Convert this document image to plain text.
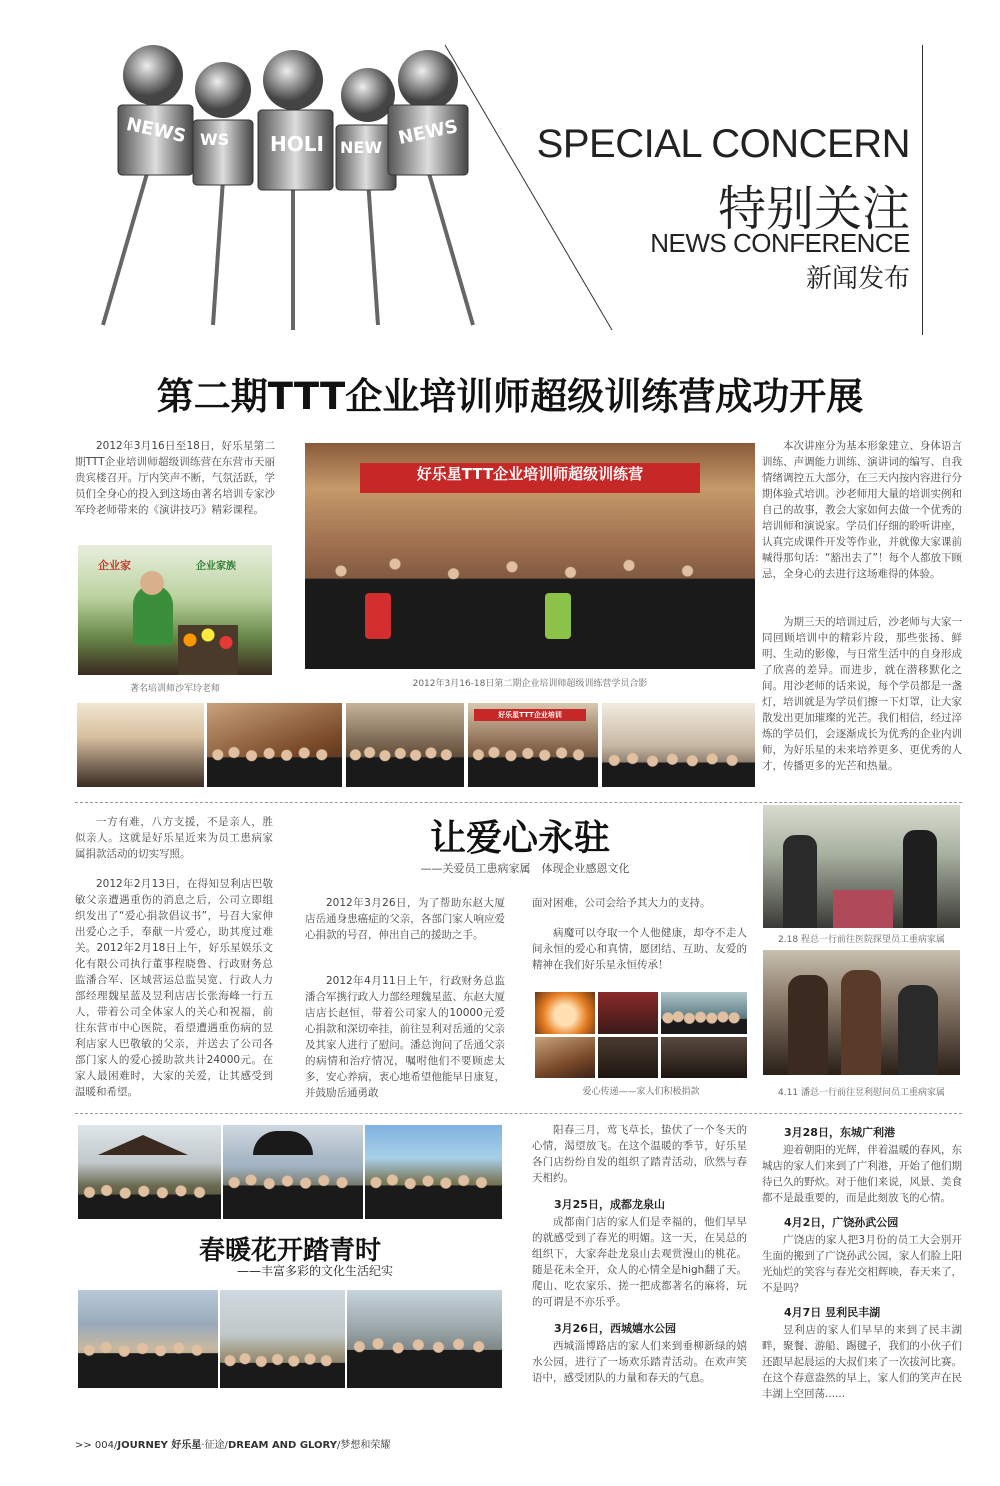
NEWS WS HOLI NEW NEWS SPECIAL CONCERN
特别关注
NEWS CONFERENCE
新闻发布
第二期TTT企业培训师超级训练营成功开展

2012年3月16日至18日，好乐星第二期TTT企业培训师超级训练营在东营市天丽贵宾楼召开。厅内笑声不断，气氛活跃，学员们全身心的投入到这场由著名培训专家沙军玲老师带来的《演讲技巧》精彩课程。

企业家	企业家族
著名培训师沙军玲老师
好乐星TTT企业培训师超级训练营
2012年3月16-18日第二期企业培训师超级训练营学员合影

本次讲座分为基本形象建立、身体语言训练、声调能力训练、演讲词的编写、自我情绪调控五大部分，在三天内按内容进行分期体验式培训。沙老师用大量的培训实例和自己的故事，教会大家如何去做一个优秀的培训师和演说家。学员们仔细的聆听讲座，认真完成课件开发等作业，并就像大家课前喊得那句话：“豁出去了”！每个人都放下顾忌，全身心的去进行这场难得的体验。

为期三天的培训过后，沙老师与大家一同回顾培训中的精彩片段，那些张扬、鲜明、生动的影像，与日常生活中的自身形成了欣喜的差异。而进步，就在潜移默化之间。用沙老师的话来说，每个学员都是一盏灯，培训就是为学员们擦一下灯罩，让大家散发出更加璀璨的光芒。我们相信，经过淬炼的学员们，会逐渐成长为优秀的企业内训师，为好乐星的未来培养更多、更优秀的人才，传播更多的光芒和热量。

好乐星TTT企业培训

一方有难，八方支援，不是亲人，胜似亲人。这就是好乐星近来为员工患病家属捐款活动的切实写照。

2012年2月13日，在得知昱利店巴敬敏父亲遭遇重伤的消息之后，公司立即组织发出了“爱心捐款倡议书”，号召大家伸出爱心之手，奉献一片爱心，助其度过难关。2012年2月18日上午，好乐星娱乐文化有限公司执行董事程晓鲁、行政财务总监潘合军、区域营运总监吴宽、行政人力部经理魏星蓝及昱利店店长张海峰一行五人，带着公司全体家人的关心和祝福，前往东营市中心医院，看望遭遇重伤病的昱利店家人巴敬敏的父亲，并送去了公司各部门家人的爱心援助款共计24000元。在家人最困难时，大家的关爱，让其感受到温暖和希望。

让爱心永驻
——关爱员工患病家属　体现企业感恩文化

2012年3月26日，为了帮助东赵大厦店岳通身患癌症的父亲，各部门家人响应爱心捐款的号召，伸出自己的援助之手。

2012年4月11日上午，行政财务总监潘合军携行政人力部经理魏星蓝、东赵大厦店店长赵恒，带着公司家人的10000元爱心捐款和深切牵挂，前往昱利对岳通的父亲及其家人进行了慰问。潘总询问了岳通父亲的病情和治疗情况，嘱咐他们不要顾虑太多，安心养病，衷心地希望他能早日康复，并鼓励岳通勇敢

面对困难，公司会给予其大力的支持。

病魔可以夺取一个人他健康，却夺不走人间永恒的爱心和真情，愿团结、互助、友爱的精神在我们好乐星永恒传承！

爱心传递——家人们积极捐款
2.18 程总一行前往医院探望员工重病家属
4.11 潘总一行前往昱利慰问员工重病家属
春暖花开踏青时
——丰富多彩的文化生活纪实

阳春三月，莺飞草长，蛰伏了一个冬天的心情，渴望放飞。在这个温暖的季节，好乐星各门店纷纷自发的组织了踏青活动，欣然与春天相约。

3月25日，成都龙泉山

成都南门店的家人们是幸福的，他们早早的就感受到了春光的明媚。这一天，在吴总的组织下，大家奔赴龙泉山去观赏漫山的桃花。随是花未全开，众人的心情全是high翻了天。爬山、吃农家乐、搓一把成都著名的麻将，玩的可谓是不亦乐乎。

3月26日，西城嬉水公园

西城淄博路店的家人们来到垂柳新绿的嬉水公园，进行了一场欢乐踏青活动。在欢声笑语中，感受团队的力量和春天的气息。

3月28日，东城广利港

迎着朝阳的光辉，伴着温暖的春风，东城店的家人们来到了广利港，开始了他们期待已久的野炊。对于他们来说，风景、美食都不是最重要的，而是此刻放飞的心情。

4月2日，广饶孙武公园

广饶店的家人把3月份的员工大会别开生面的搬到了广饶孙武公园，家人们脸上阳光灿烂的笑容与春光交相辉映，春天来了，不是吗？

4月7日 昱利民丰湖

昱利店的家人们早早的来到了民丰湖畔，聚餐、游船、踢毽子，我们的小伙子们还跟早起晨运的大叔们来了一次拔河比赛。在这个春意盎然的早上，家人们的笑声在民丰湖上空回荡......

>> 004/JOURNEY 好乐星·征途/DREAM AND GLORY/梦想和荣耀
